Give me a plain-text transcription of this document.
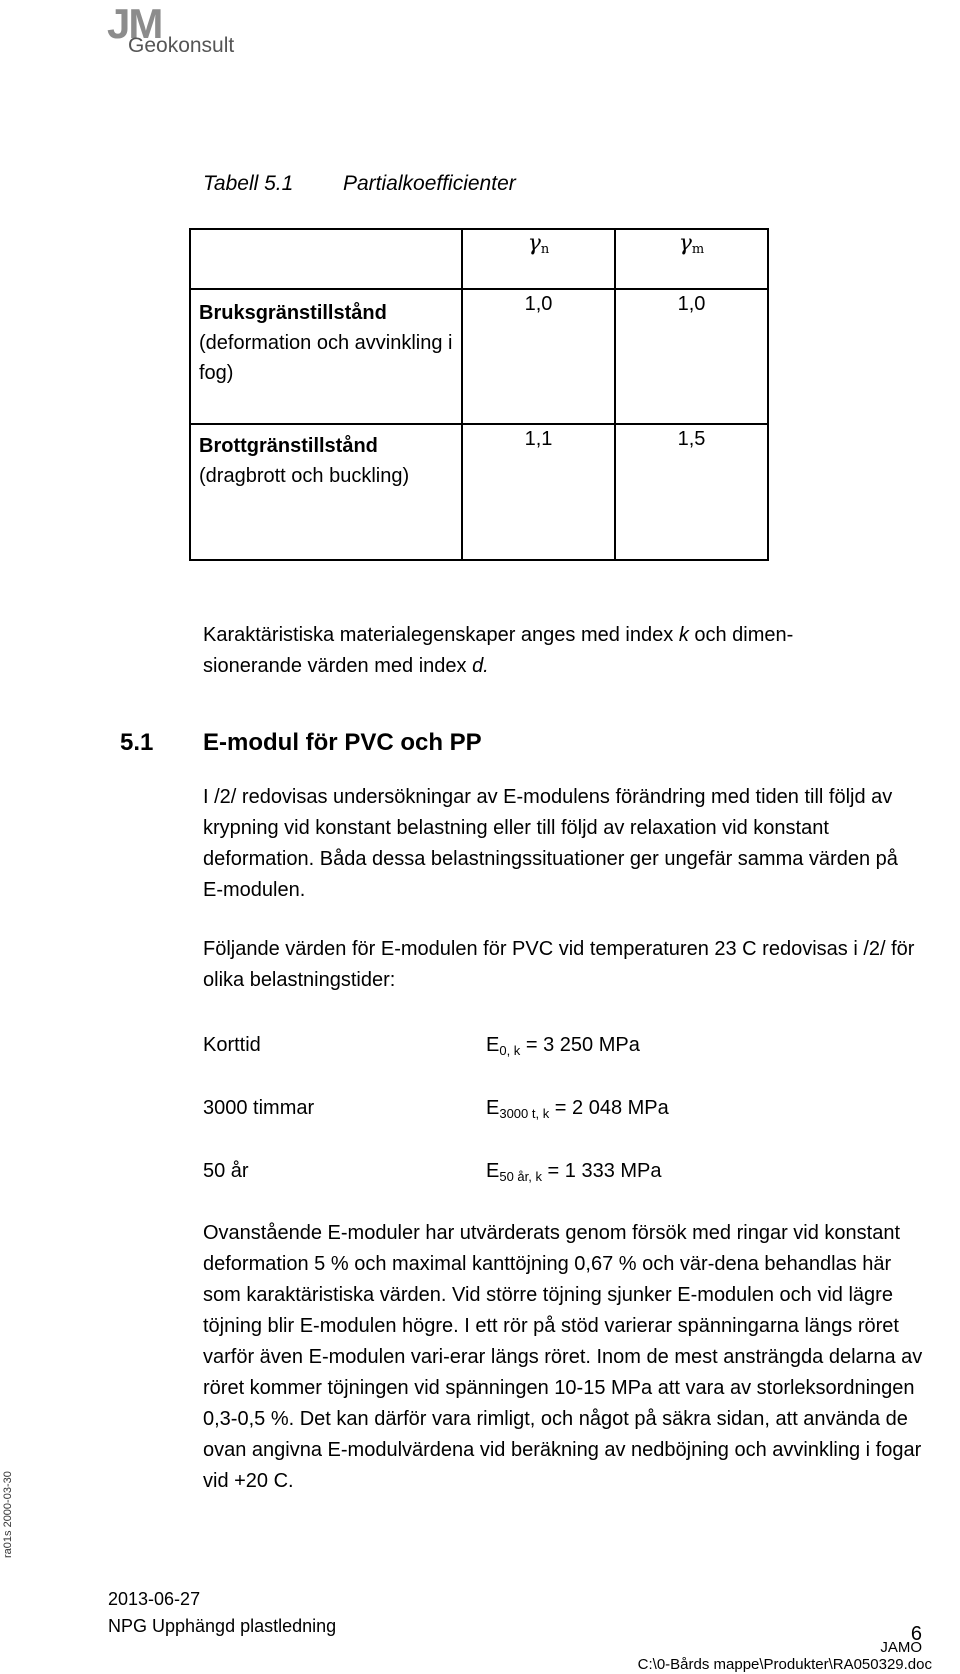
JM
Geokonsult
Tabell 5.1 Partialkoefficienter
	$\gamma_n$	$\gamma_m$
Bruksgränstillstånd
(deformation och avvinkling i fog)	1,0	1,0
Brottgränstillstånd
(dragbrott och buckling)	1,1	1,5
Karaktäristiska materialegenskaper anges med index k och dimen-
sionerande värden med index d.
5.1 E-modul för PVC och PP
I /2/ redovisas undersökningar av E-modulens förändring med tiden till följd av krypning vid konstant belastning eller till följd av relaxation vid konstant deformation. Båda dessa belastningssituationer ger ungefär samma värden på E-modulen.
Följande värden för E-modulen för PVC vid temperaturen 23 C redovisas i /2/ för olika belastningstider:
Korttid	$E_{0, k} = 3$ 250 MPa
3000 timmar	$E_{3000 t, k} = 2$ 048 MPa
50 år	$E_{50 år, k} = 1$ 333 MPa
Ovanstående E-moduler har utvärderats genom försök med ringar vid konstant deformation 5 % och maximal kanttöjning 0,67 % och vär-dena behandlas här som karaktäristiska värden. Vid större töjning sjunker E-modulen och vid lägre töjning blir E-modulen högre. I ett rör på stöd varierar spänningarna längs röret varför även E-modulen vari-erar längs röret. Inom de mest ansträngda delarna av röret kommer töjningen vid spänningen 10-15 MPa att vara av storleksordningen 0,3-0,5 %. Det kan därför vara rimligt, och något på säkra sidan, att använda de ovan angivna E-modulvärdena vid beräkning av nedböjning och avvinkling i fogar vid +20 C.
ra01s 2000-03-30
2013-06-27
NPG Upphängd plastledning	6
JAMO
C:\0-Bårds mappe\Produkter\RA050329.doc
